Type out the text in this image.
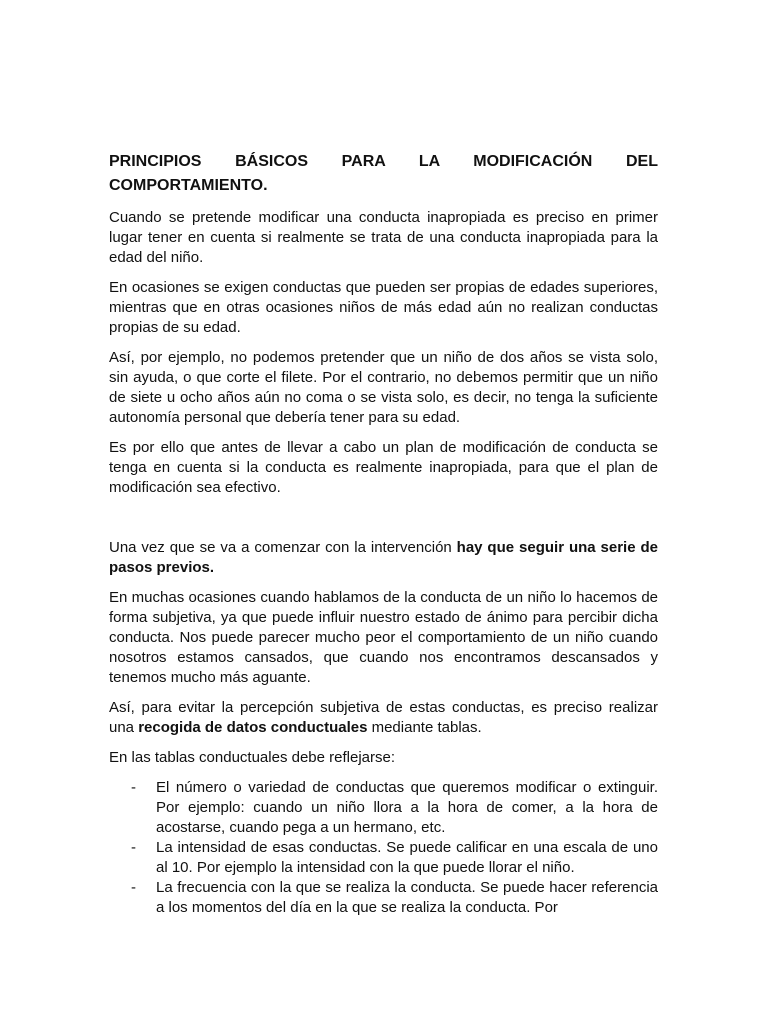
PRINCIPIOS BÁSICOS PARA LA MODIFICACIÓN DEL COMPORTAMIENTO.

Cuando se pretende modificar una conducta inapropiada es preciso en primer lugar tener en cuenta si realmente se trata de una conducta inapropiada para la edad del niño.

En ocasiones se exigen conductas que pueden ser propias de edades superiores, mientras que en otras ocasiones niños de más edad aún no realizan conductas propias de su edad.

Así, por ejemplo, no podemos pretender que un niño de dos años se vista solo, sin ayuda, o que corte el filete. Por el contrario, no debemos permitir que un niño de siete u ocho años aún no coma o se vista solo, es decir, no tenga la suficiente autonomía personal que debería tener para su edad.

Es por ello que antes de llevar a cabo un plan de modificación de conducta se tenga en cuenta si la conducta es realmente inapropiada, para que el plan de modificación sea efectivo.

Una vez que se va a comenzar con la intervención hay que seguir una serie de pasos previos.

En muchas ocasiones cuando hablamos de la conducta de un niño lo hacemos de forma subjetiva, ya que puede influir nuestro estado de ánimo para percibir dicha conducta. Nos puede parecer mucho peor el comportamiento de un niño cuando nosotros estamos cansados, que cuando nos encontramos descansados y tenemos mucho más aguante.

Así, para evitar la percepción subjetiva de estas conductas, es preciso realizar una recogida de datos conductuales mediante tablas.

En las tablas conductuales debe reflejarse:

- El número o variedad de conductas que queremos modificar o extinguir. Por ejemplo: cuando un niño llora a la hora de comer, a la hora de acostarse, cuando pega a un hermano, etc.
- La intensidad de esas conductas. Se puede calificar en una escala de uno al 10. Por ejemplo la intensidad con la que puede llorar el niño.
- La frecuencia con la que se realiza la conducta. Se puede hacer referencia a los momentos del día en la que se realiza la conducta. Por
